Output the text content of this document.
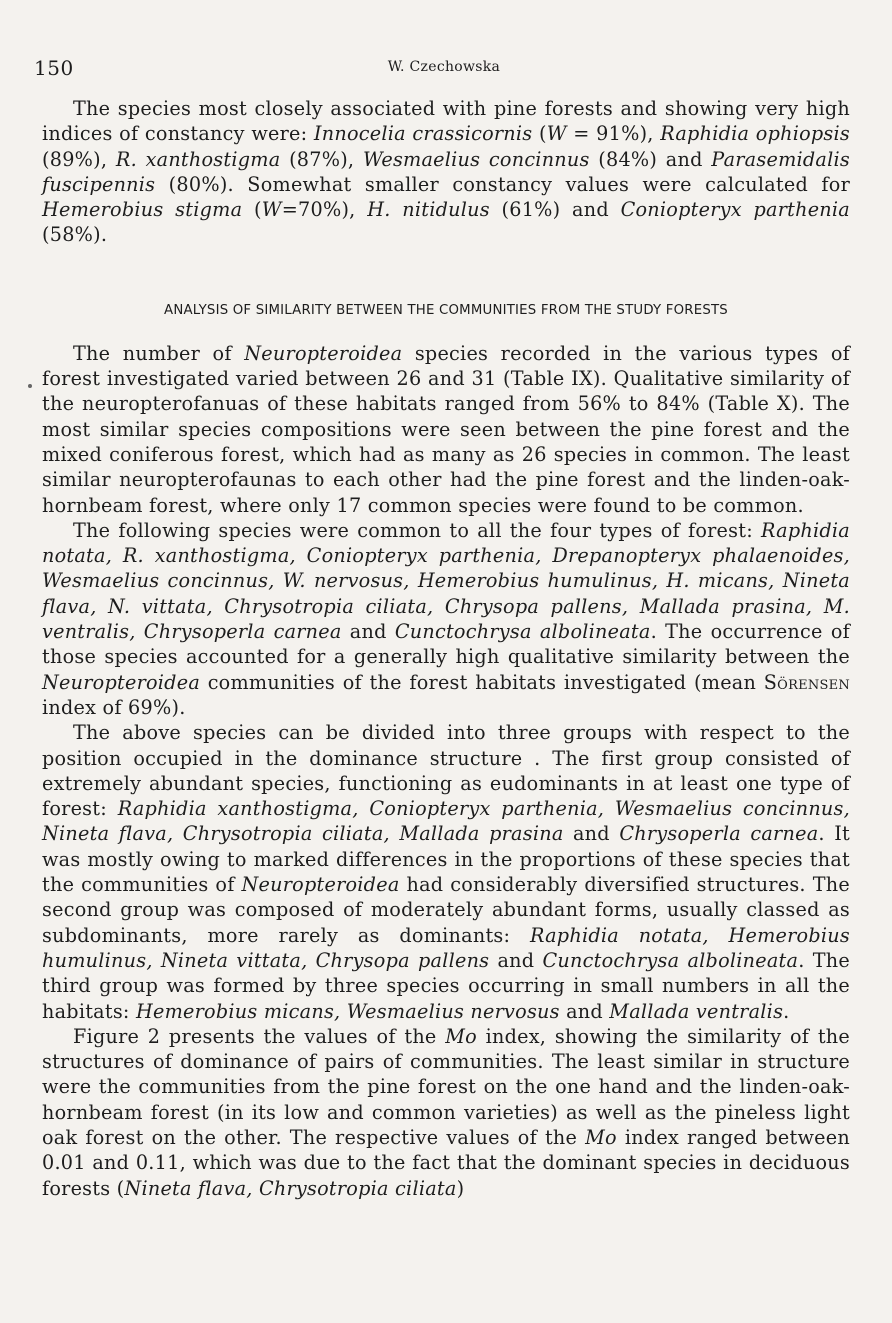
150	W. Czechowska

The species most closely associated with pine forests and showing very high indices of constancy were: Innocelia crassicornis (W = 91%), Raphidia ophiopsis (89%), R. xanthostigma (87%), Wesmaelius concinnus (84%) and Parasemidalis fuscipennis (80%). Somewhat smaller constancy values were calculated for Hemerobius stigma (W=70%), H. nitidulus (61%) and Coniopteryx parthenia (58%).

ANALYSIS OF SIMILARITY BETWEEN THE COMMUNITIES FROM THE STUDY FORESTS

The number of Neuropteroidea species recorded in the various types of forest investigated varied between 26 and 31 (Table IX). Qualitative similarity of the neuropterofanuas of these habitats ranged from 56% to 84% (Table X). The most similar species compositions were seen between the pine forest and the mixed coniferous forest, which had as many as 26 species in common. The least similar neuropterofaunas to each other had the pine forest and the linden-oak-hornbeam forest, where only 17 common species were found to be common.

The following species were common to all the four types of forest: Raphidia notata, R. xanthostigma, Coniopteryx parthenia, Drepanopteryx phalaenoides, Wesmaelius concinnus, W. nervosus, Hemerobius humulinus, H. micans, Nineta flava, N. vittata, Chrysotropia ciliata, Chrysopa pallens, Mallada prasina, M. ventralis, Chrysoperla carnea and Cunctochrysa albolineata. The occurrence of those species accounted for a generally high qualitative similarity between the Neuropteroidea communities of the forest habitats investigated (mean Sörensen index of 69%).

The above species can be divided into three groups with respect to the position occupied in the dominance structure . The first group consisted of extremely abundant species, functioning as eudominants in at least one type of forest: Raphidia xanthostigma, Coniopteryx parthenia, Wesmaelius concinnus, Nineta flava, Chrysotropia ciliata, Mallada prasina and Chrysoperla carnea. It was mostly owing to marked differences in the proportions of these species that the communities of Neuropteroidea had considerably diversified structures. The second group was composed of moderately abundant forms, usually classed as subdominants, more rarely as dominants: Raphidia notata, Hemerobius humulinus, Nineta vittata, Chrysopa pallens and Cunctochrysa albolineata. The third group was formed by three species occurring in small numbers in all the habitats: Hemerobius micans, Wesmaelius nervosus and Mallada ventralis.

Figure 2 presents the values of the Mo index, showing the similarity of the structures of dominance of pairs of communities. The least similar in structure were the communities from the pine forest on the one hand and the linden-oak-hornbeam forest (in its low and common varieties) as well as the pineless light oak forest on the other. The respective values of the Mo index ranged between 0.01 and 0.11, which was due to the fact that the dominant species in deciduous forests (Nineta flava, Chrysotropia ciliata)
